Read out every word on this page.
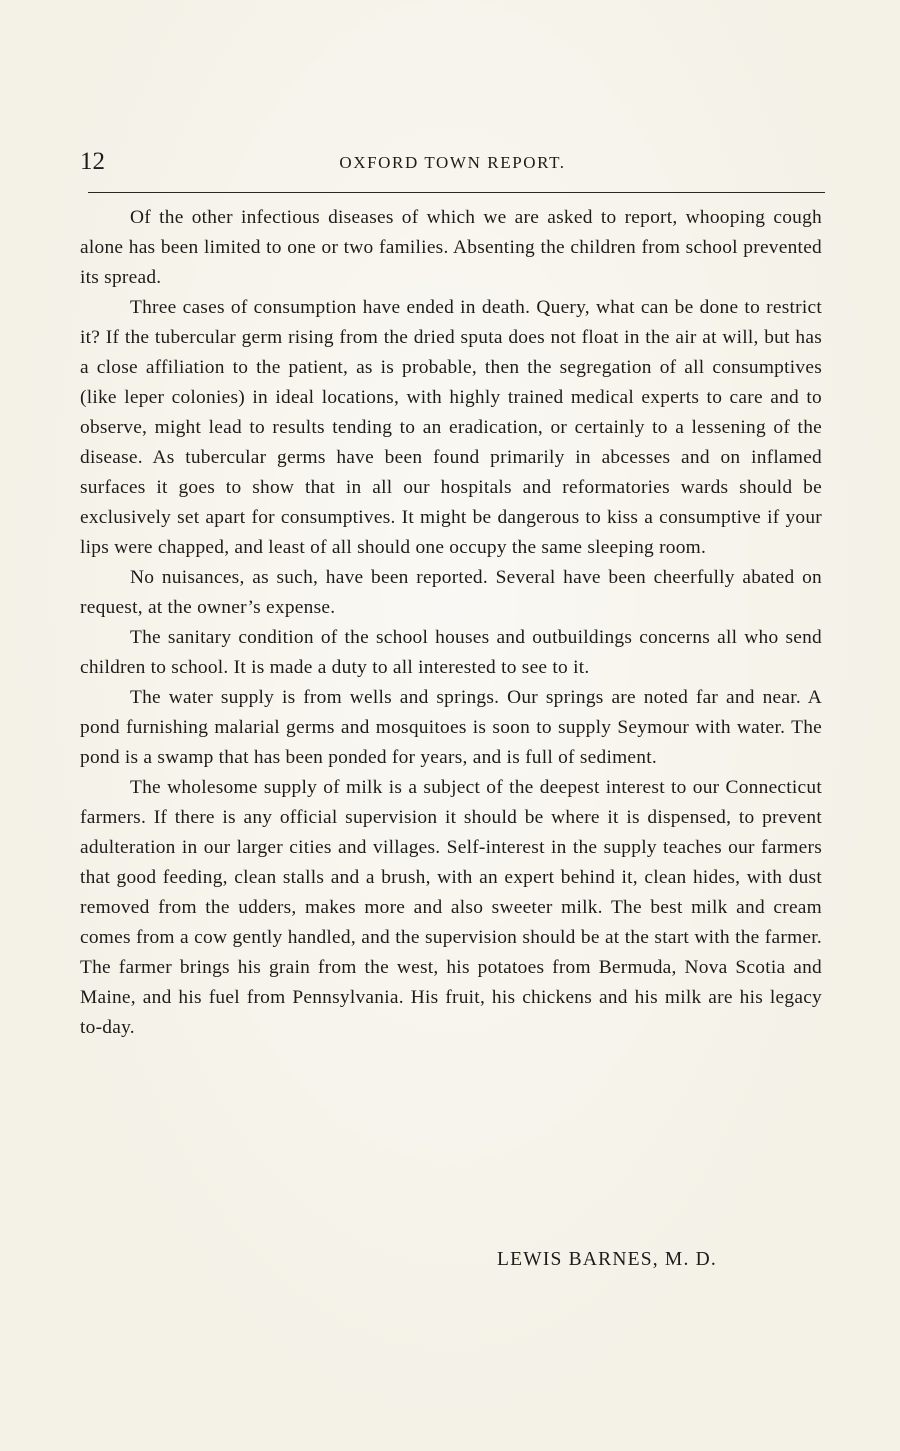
12	OXFORD TOWN REPORT.

Of the other infectious diseases of which we are asked to report, whooping cough alone has been limited to one or two families. Absenting the children from school prevented its spread.

Three cases of consumption have ended in death. Query, what can be done to restrict it? If the tubercular germ rising from the dried sputa does not float in the air at will, but has a close affiliation to the patient, as is probable, then the segregation of all consumptives (like leper colonies) in ideal locations, with highly trained medical experts to care and to observe, might lead to results tending to an eradication, or certainly to a lessening of the disease. As tubercular germs have been found primarily in abcesses and on inflamed surfaces it goes to show that in all our hospitals and reformatories wards should be exclusively set apart for consumptives. It might be dangerous to kiss a consumptive if your lips were chapped, and least of all should one occupy the same sleeping room.

No nuisances, as such, have been reported. Several have been cheerfully abated on request, at the owner’s expense.

The sanitary condition of the school houses and outbuildings concerns all who send children to school. It is made a duty to all interested to see to it.

The water supply is from wells and springs. Our springs are noted far and near. A pond furnishing malarial germs and mosquitoes is soon to supply Seymour with water. The pond is a swamp that has been ponded for years, and is full of sediment.

The wholesome supply of milk is a subject of the deepest interest to our Connecticut farmers. If there is any official supervision it should be where it is dispensed, to prevent adulteration in our larger cities and villages. Self-interest in the supply teaches our farmers that good feeding, clean stalls and a brush, with an expert behind it, clean hides, with dust removed from the udders, makes more and also sweeter milk. The best milk and cream comes from a cow gently handled, and the supervision should be at the start with the farmer. The farmer brings his grain from the west, his potatoes from Bermuda, Nova Scotia and Maine, and his fuel from Pennsylvania. His fruit, his chickens and his milk are his legacy to-day.

LEWIS BARNES, M. D.
